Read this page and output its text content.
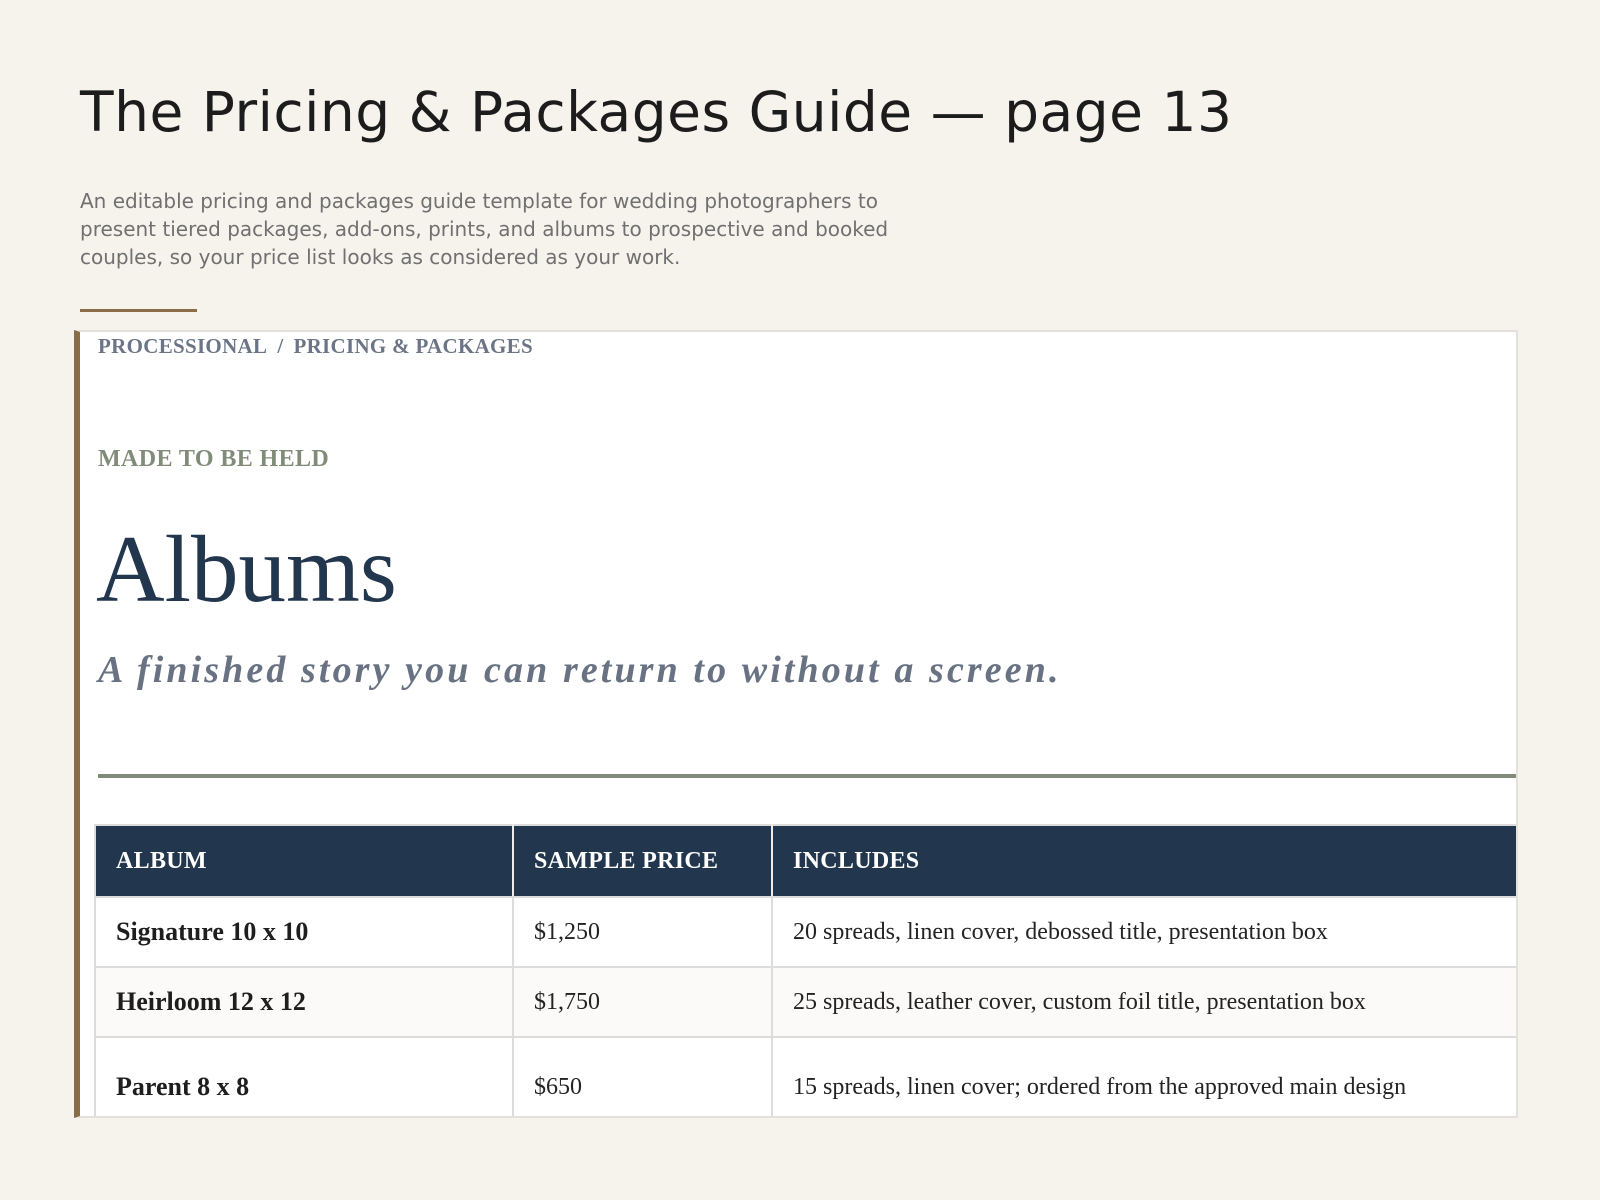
The Pricing & Packages Guide — page 13

An editable pricing and packages guide template for wedding photographers to present tiered packages, add-ons, prints, and albums to prospective and booked couples, so your price list looks as considered as your work.

PROCESSIONAL / PRICING & PACKAGES
MADE TO BE HELD
Albums

A finished story you can return to without a screen.

ALBUM	SAMPLE PRICE	INCLUDES
Signature 10 x 10	$1,250	20 spreads, linen cover, debossed title, presentation box
Heirloom 12 x 12	$1,750	25 spreads, leather cover, custom foil title, presentation box
Parent 8 x 8	$650	15 spreads, linen cover; ordered from the approved main design
